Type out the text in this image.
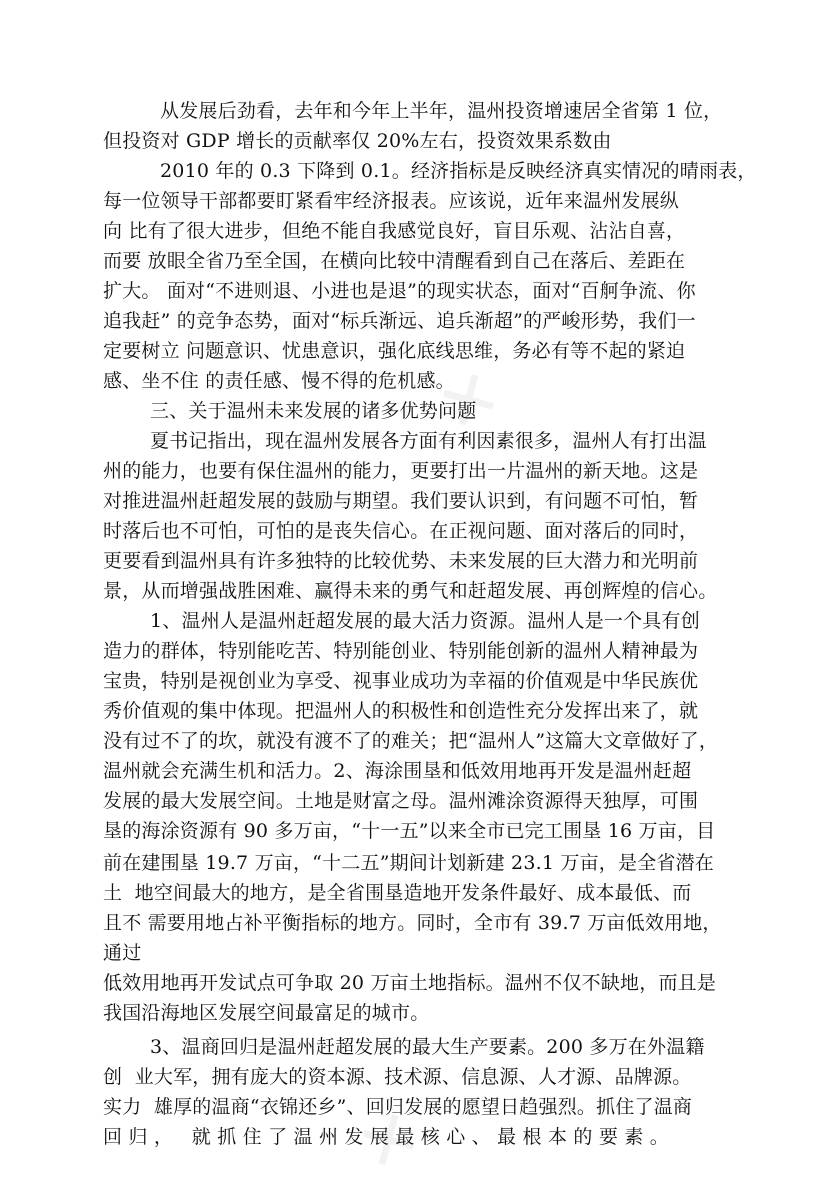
✕
✕
从发展后劲看，去年和今年上半年，温州投资增速居全省第 1 位，
但投资对 GDP 增长的贡献率仅 20%左右，投资效果系数由
2010 年的 0.3 下降到 0.1。经济指标是反映经济真实情况的晴雨表，
每一位领导干部都要盯紧看牢经济报表。应该说，近年来温州发展纵
向 比有了很大进步，但绝不能自我感觉良好，盲目乐观、沾沾自喜，
而要 放眼全省乃至全国，在横向比较中清醒看到自己在落后、差距在
扩大。 面对“不进则退、小进也是退”的现实状态，面对“百舸争流、你
追我赶” 的竞争态势，面对“标兵渐远、追兵渐超”的严峻形势，我们一
定要树立 问题意识、忧患意识，强化底线思维，务必有等不起的紧迫
感、坐不住 的责任感、慢不得的危机感。
三、关于温州未来发展的诸多优势问题
夏书记指出，现在温州发展各方面有利因素很多，温州人有打出温
州的能力，也要有保住温州的能力，更要打出一片温州的新天地。这是
对推进温州赶超发展的鼓励与期望。我们要认识到，有问题不可怕，暂
时落后也不可怕，可怕的是丧失信心。在正视问题、面对落后的同时，
更要看到温州具有许多独特的比较优势、未来发展的巨大潜力和光明前
景，从而增强战胜困难、赢得未来的勇气和赶超发展、再创辉煌的信心。
1、温州人是温州赶超发展的最大活力资源。温州人是一个具有创
造力的群体，特别能吃苦、特别能创业、特别能创新的温州人精神最为
宝贵，特别是视创业为享受、视事业成功为幸福的价值观是中华民族优
秀价值观的集中体现。把温州人的积极性和创造性充分发挥出来了，就
没有过不了的坎，就没有渡不了的难关；把“温州人”这篇大文章做好了，
温州就会充满生机和活力。2、海涂围垦和低效用地再开发是温州赶超
发展的最大发展空间。土地是财富之母。温州滩涂资源得天独厚，可围
垦的海涂资源有 90 多万亩，“十一五”以来全市已完工围垦 16 万亩，目
前在建围垦 19.7 万亩，“十二五”期间计划新建 23.1 万亩，是全省潜在
土  地空间最大的地方，是全省围垦造地开发条件最好、成本最低、而
且不 需要用地占补平衡指标的地方。同时，全市有 39.7 万亩低效用地，
通过
低效用地再开发试点可争取 20 万亩土地指标。温州不仅不缺地，而且是
我国沿海地区发展空间最富足的城市。
3、温商回归是温州赶超发展的最大生产要素。200 多万在外温籍
创  业大军，拥有庞大的资本源、技术源、信息源、人才源、品牌源。
实力  雄厚的温商“衣锦还乡”、回归发展的愿望日趋强烈。抓住了温商
回 归 ，   就 抓 住 了 温 州 发 展 最 核 心 、 最 根 本 的 要 素 。
